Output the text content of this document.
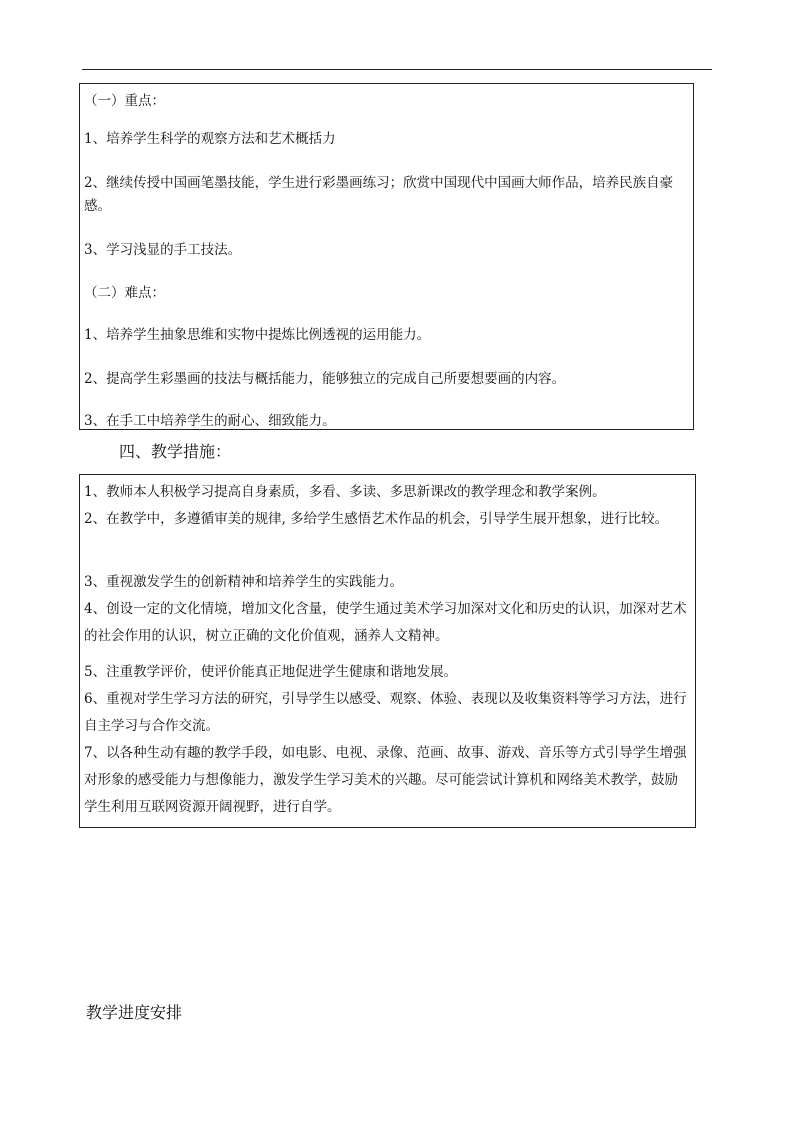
（一）重点：
1、培养学生科学的观察方法和艺术概括力
2、继续传授中国画笔墨技能，学生进行彩墨画练习；欣赏中国现代中国画大师作品，培养民族自豪感。
3、学习浅显的手工技法。
（二）难点：
1、培养学生抽象思维和实物中提炼比例透视的运用能力。
2、提高学生彩墨画的技法与概括能力，能够独立的完成自己所要想要画的内容。
3、在手工中培养学生的耐心、细致能力。
四、教学措施：
1、教师本人积极学习提高自身素质，多看、多读、多思新课改的教学理念和教学案例。
2、在教学中，多遵循审美的规律, 多给学生感悟艺术作品的机会，引导学生展开想象，进行比较。
3、重视激发学生的创新精神和培养学生的实践能力。
4、创设一定的文化情境，增加文化含量，使学生通过美术学习加深对文化和历史的认识，加深对艺术的社会作用的认识，树立正确的文化价值观，涵养人文精神。
5、注重教学评价，使评价能真正地促进学生健康和谐地发展。
6、重视对学生学习方法的研究，引导学生以感受、观察、体验、表现以及收集资料等学习方法，进行自主学习与合作交流。
7、以各种生动有趣的教学手段，如电影、电视、录像、范画、故事、游戏、音乐等方式引导学生增强对形象的感受能力与想像能力，激发学生学习美术的兴趣。尽可能尝试计算机和网络美术教学，鼓励学生利用互联网资源开阔视野，进行自学。
教学进度安排
